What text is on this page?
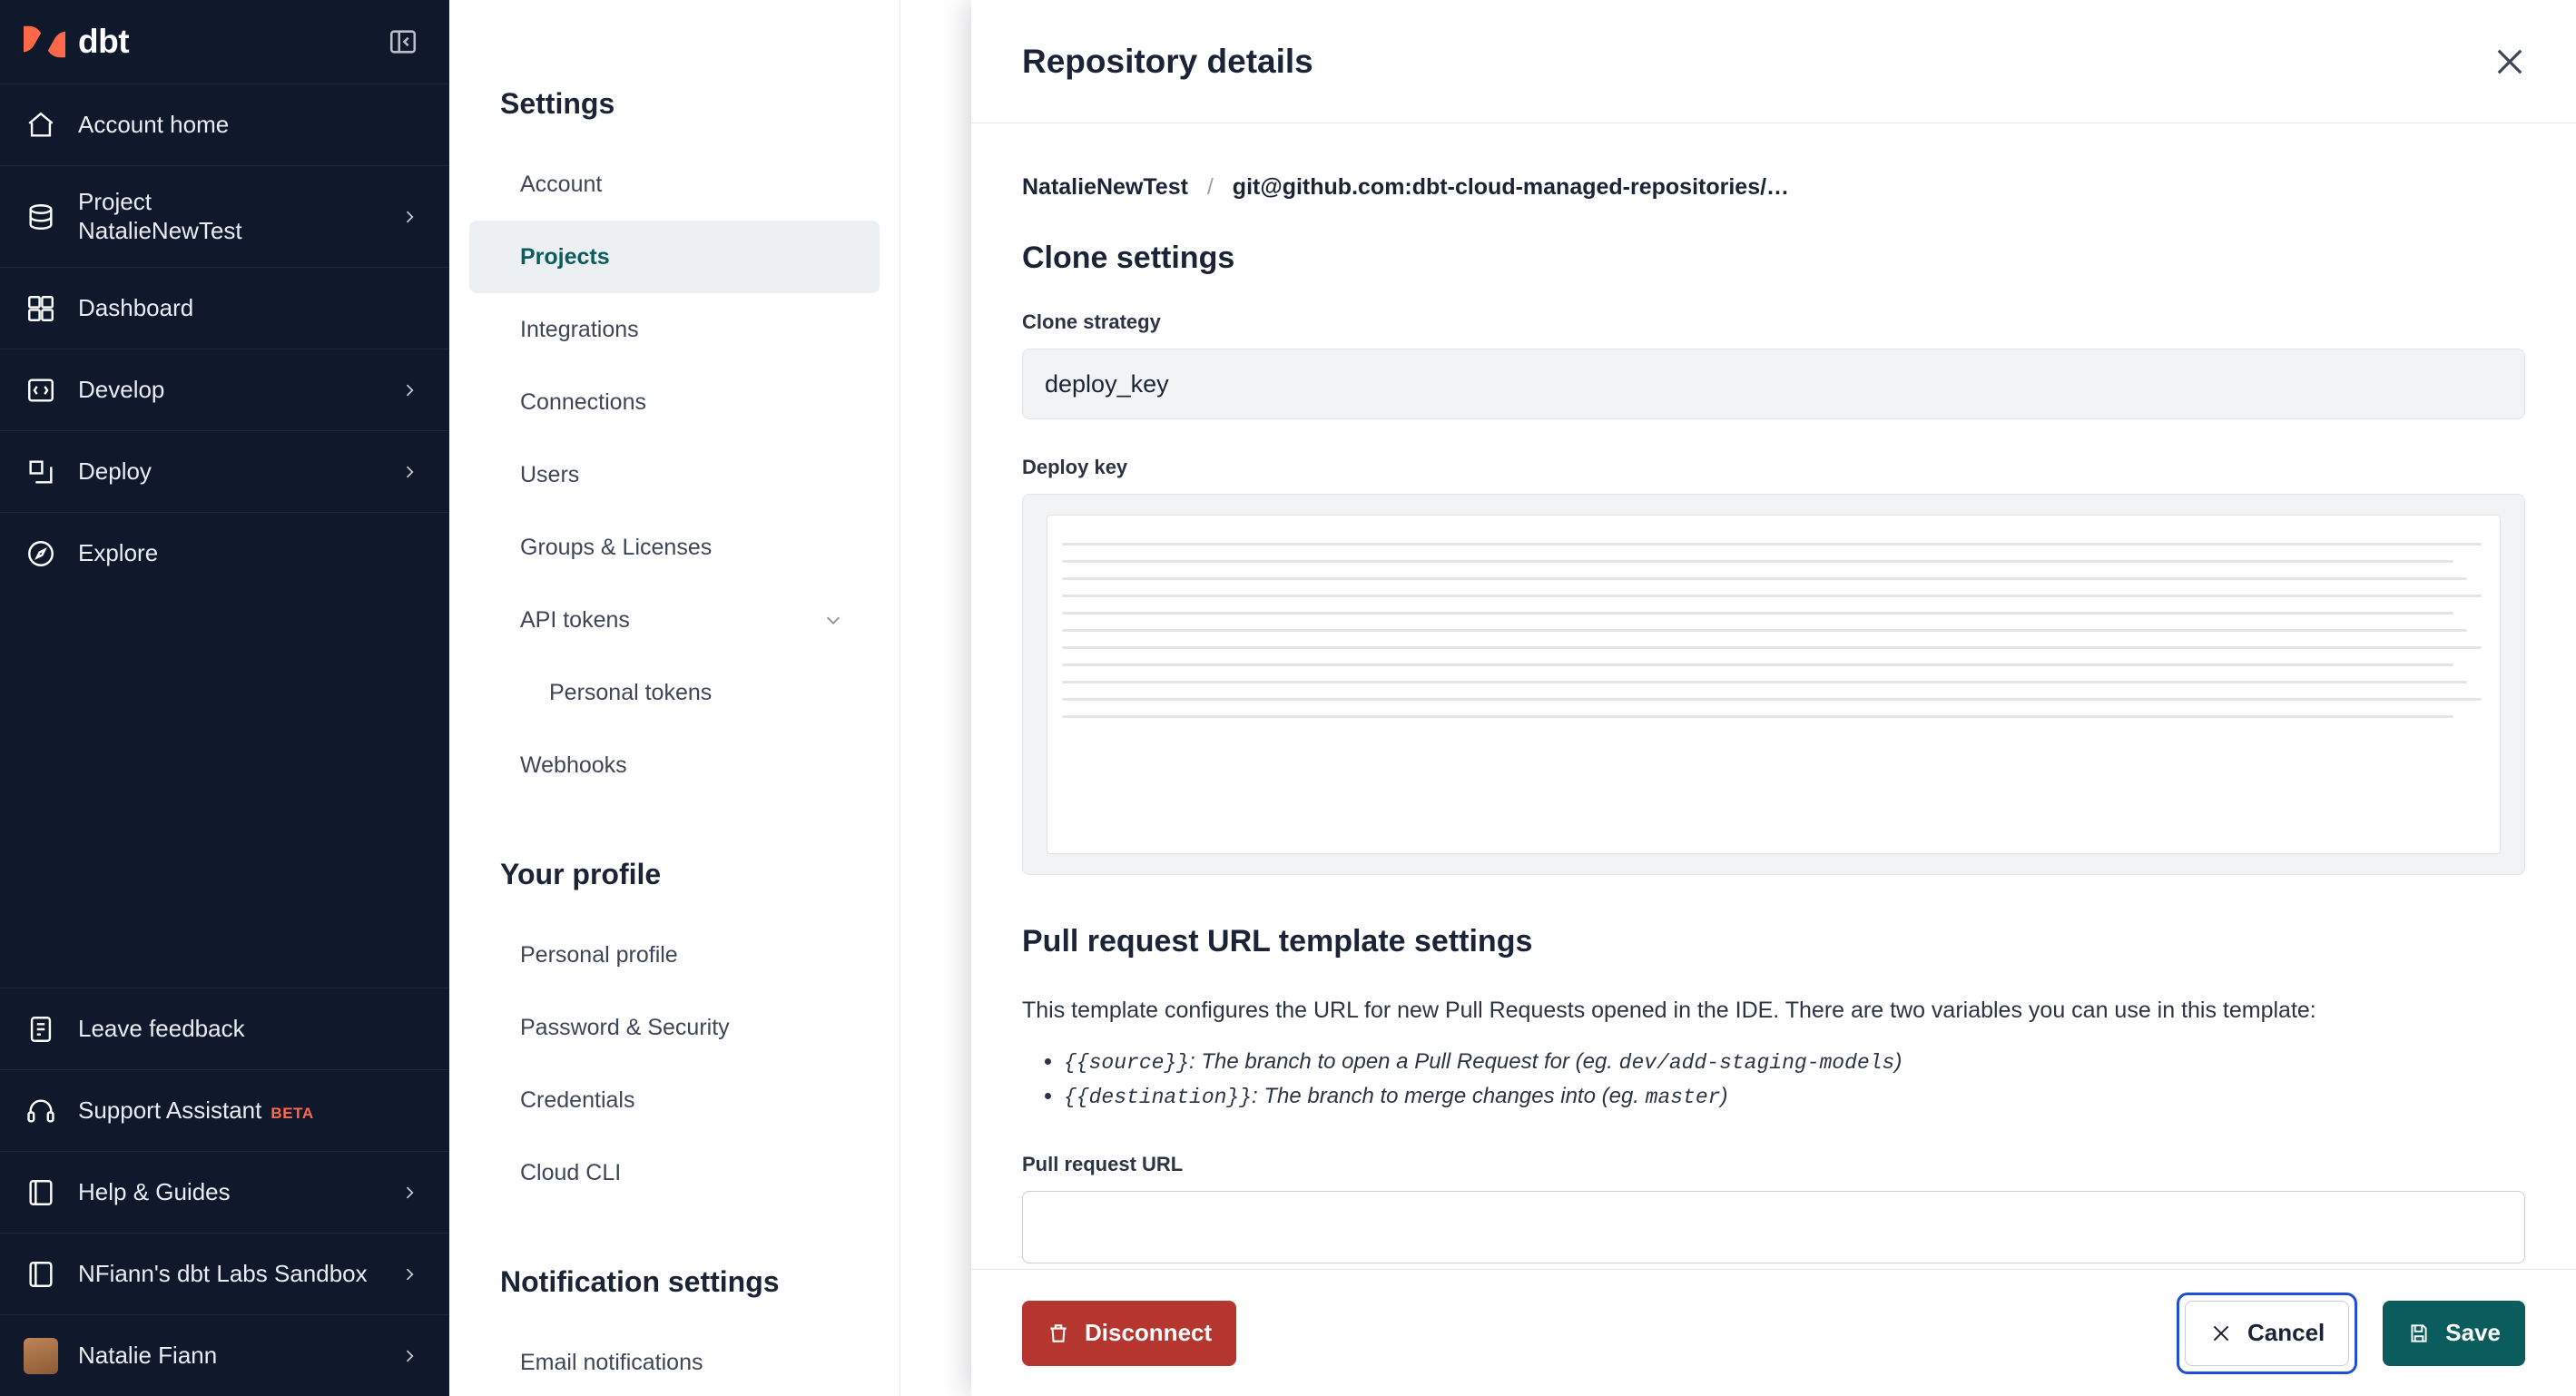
dbt
Account home
Project
NatalieNewTest
Dashboard
Develop
Deploy
Explore
Leave feedback
Support Assistant BETA
Help & Guides
NFiann's dbt Labs Sandbox
Natalie Fiann
Settings
Account
Projects
Integrations
Connections
Users
Groups & Licenses
API tokens
Personal tokens
Webhooks
Your profile
Personal profile
Password & Security
Credentials
Cloud CLI
Notification settings
Email notifications
Repository details
NatalieNewTest / git@github.com:dbt-cloud-managed-repositories/…
Clone settings
Clone strategy
deploy_key
Deploy key
Pull request URL template settings
This template configures the URL for new Pull Requests opened in the IDE. There are two variables you can use in this template:
• {{source}}: The branch to open a Pull Request for (eg. dev/add-staging-models)
• {{destination}}: The branch to merge changes into (eg. master)
Pull request URL
Disconnect	Cancel	Save
